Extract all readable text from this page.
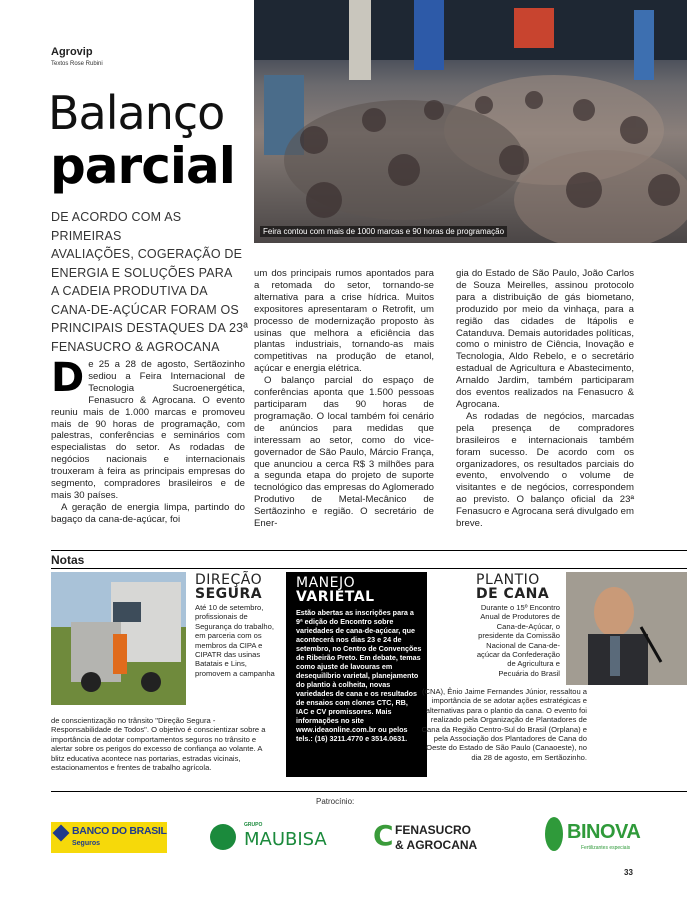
Agrovip
Textos Rose Rubini
Balanço
parcial
DE ACORDO COM AS PRIMEIRAS
AVALIAÇÕES, COGERAÇÃO DE
ENERGIA E SOLUÇÕES PARA
A CADEIA PRODUTIVA DA
CANA-DE-AÇÚCAR FORAM OS
PRINCIPAIS DESTAQUES DA 23ª
FENASUCRO & AGROCANA
Feira contou com mais de 1000 marcas e 90 horas de programação
D e 25 a 28 de agosto, Sertãozinho sediou a Feira Internacional de Tecnologia Sucroenergética, Fenasucro & Agrocana. O evento reuniu mais de 1.000 marcas e promoveu mais de 90 horas de programação, com palestras, conferências e seminários com especialistas do setor. As rodadas de negócios nacionais e internacionais trouxeram à feira as principais empresas do segmento, compradores brasileiros e de mais 30 países.

A geração de energia limpa, partindo do bagaço da cana-de-açúcar, foi

um dos principais rumos apontados para a retomada do setor, tornando-se alternativa para a crise hídrica. Muitos expositores apresentaram o Retrofit, um processo de modernização proposto às usinas que melhora a eficiência das plantas industriais, tornando-as mais competitivas na produção de etanol, açúcar e energia elétrica.

O balanço parcial do espaço de conferências aponta que 1.500 pessoas participaram das 90 horas de programação. O local também foi cenário de anúncios para medidas que interessam ao setor, como do vice-governador de São Paulo, Márcio França, que anunciou a cerca R$ 3 milhões para a segunda etapa do projeto de suporte tecnológico das empresas do Aglomerado Produtivo de Metal-Mecânico de Sertãozinho e região. O secretário de Ener-

gia do Estado de São Paulo, João Carlos de Souza Meirelles, assinou protocolo para a distribuição de gás biometano, produzido por meio da vinhaça, para a região das cidades de Itápolis e Catanduva. Demais autoridades políticas, como o ministro de Ciência, Inovação e Tecnologia, Aldo Rebelo, e o secretário estadual de Agricultura e Abastecimento, Arnaldo Jardim, também participaram dos eventos realizados na Fenasucro & Agrocana.

As rodadas de negócios, marcadas pela presença de compradores brasileiros e internacionais também foram sucesso. De acordo com os organizadores, os resultados parciais do evento, envolvendo o volume de visitantes e de negócios, correspondem ao previsto. O balanço oficial da 23ª Fenasucro e Agrocana será divulgado em breve.

Notas
DIREÇÃO
SEGURA
Até 10 de setembro, profissionais de Segurança do trabalho, em parceria com os membros da CIPA e CIPATR das usinas Batatais e Lins, promovem a campanha
de conscientização no trânsito "Direção Segura - Responsabilidade de Todos". O objetivo é conscientizar sobre a importância de adotar comportamentos seguros no trânsito e alertar sobre os perigos do excesso de confiança ao volante. A blitz educativa acontece nas portarias, estradas vicinais, estacionamentos e frentes de trabalho agrícola.
MANEJO
VARIETAL
Estão abertas as inscrições para a 9ª edição do Encontro sobre variedades de cana-de-açúcar, que acontecerá nos dias 23 e 24 de setembro, no Centro de Convenções de Ribeirão Preto. Em debate, temas como ajuste de lavouras em desequilíbrio varietal, planejamento do plantio à colheita, novas variedades de cana e os resultados de ensaios com clones CTC, RB, IAC e CV promissores. Mais informações no site www.ideaonline.com.br ou pelos tels.: (16) 3211.4770 e 3514.0631.
PLANTIO
DE CANA
Durante o 15º Encontro Anual de Produtores de Cana-de-Açúcar, o presidente da Comissão Nacional de Cana-de-açúcar da Confederação de Agricultura e Pecuária do Brasil
(CNA), Ênio Jaime Fernandes Júnior, ressaltou a importância de se adotar ações estratégicas e alternativas para o plantio da cana. O evento foi realizado pela Organização de Plantadores de Cana da Região Centro-Sul do Brasil (Orplana) e pela Associação dos Plantadores de Cana do Oeste do Estado de São Paulo (Canaoeste), no dia 28 de agosto, em Sertãozinho.
Patrocínio:
BANCO DO BRASIL
Seguros
GRUPO
MAUBISA C FENASUCRO
& AGROCANA
BINOVA
Fertilizantes especiais
33
